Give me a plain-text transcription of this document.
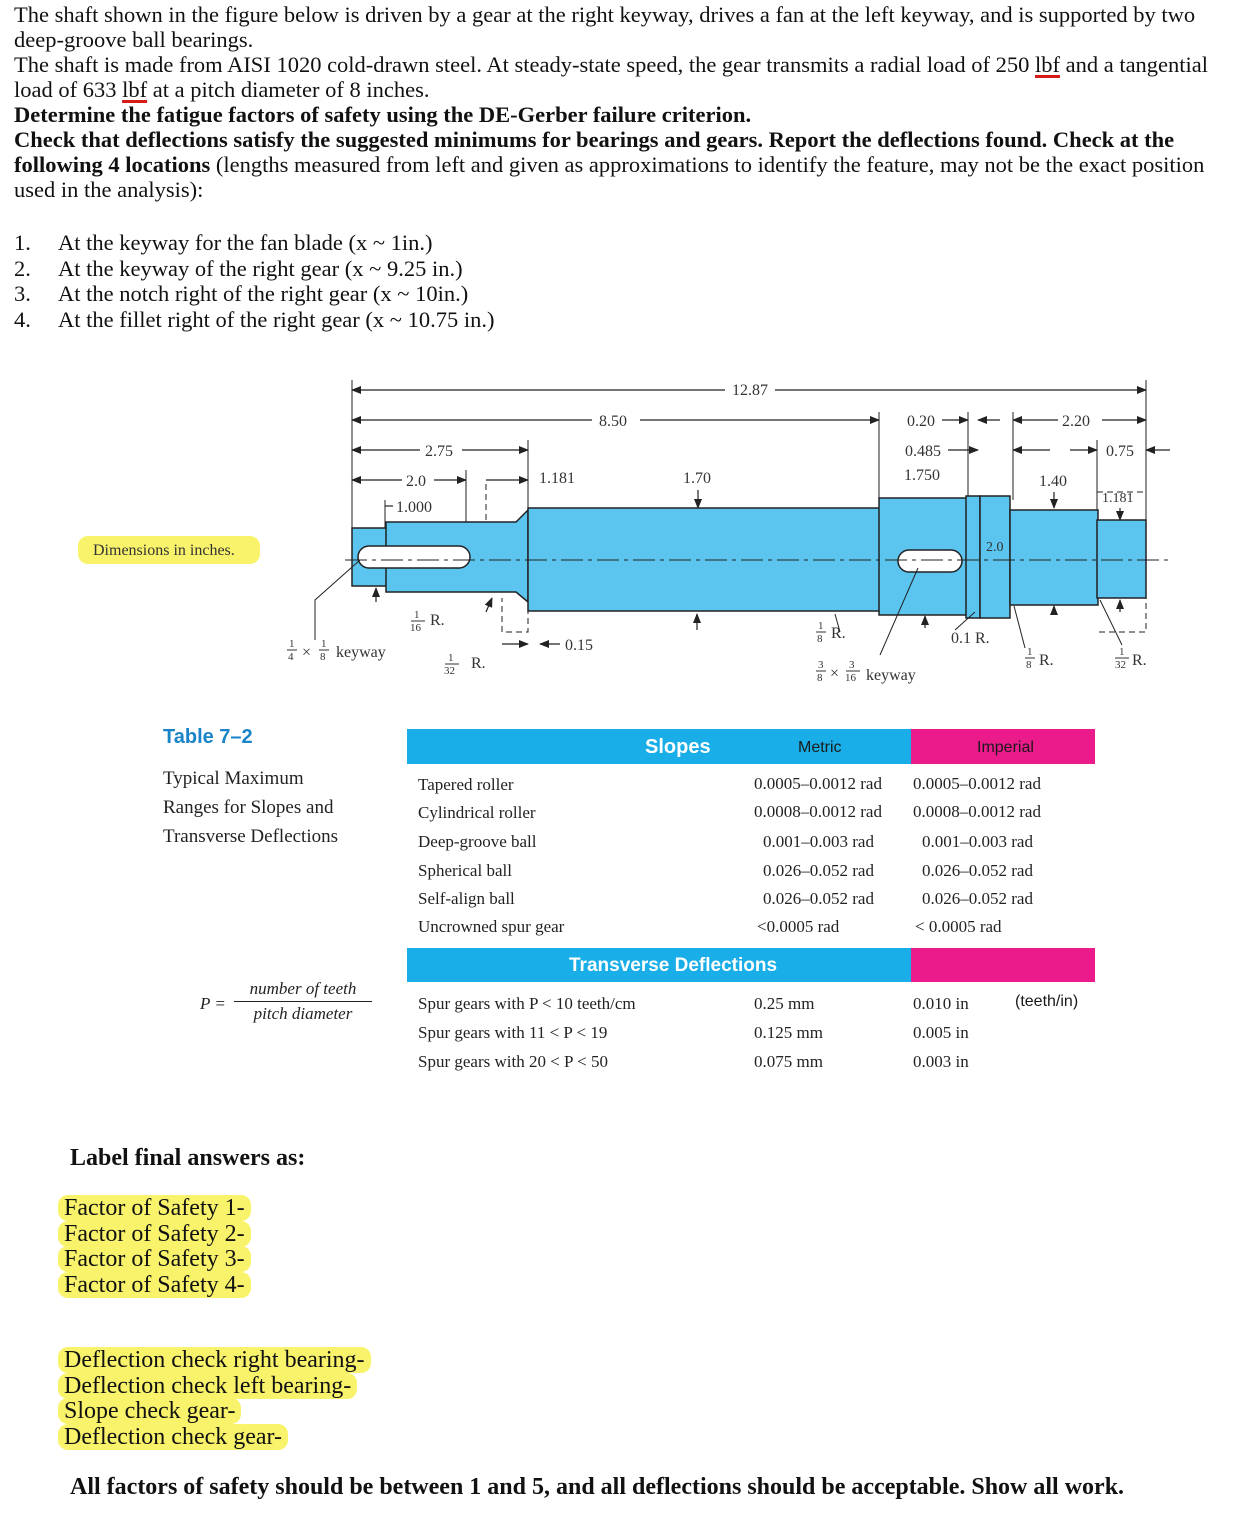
The shaft shown in the figure below is driven by a gear at the right keyway, drives a fan at the left keyway, and is supported by two deep-groove ball bearings.
The shaft is made from AISI 1020 cold-drawn steel. At steady-state speed, the gear transmits a radial load of 250 lbf and a tangential load of 633 lbf at a pitch diameter of 8 inches.
Determine the fatigue factors of safety using the DE-Gerber failure criterion.
Check that deflections satisfy the suggested minimums for bearings and gears. Report the deflections found. Check at the following 4 locations (lengths measured from left and given as approximations to identify the feature, may not be the exact position used in the analysis):
1. At the keyway for the fan blade (x ~ 1in.)
2. At the keyway of the right gear (x ~ 9.25 in.)
3. At the notch right of the right gear (x ~ 10in.)
4. At the fillet right of the right gear (x ~ 10.75 in.)
Dimensions in inches.
12.87
8.50
2.75
2.0
1.000
1.181	1.70
0.20
0.485
1.750
2.20
0.75
1.40
1.181
2.0
0.15
1
16 R.
1
32 R.
1
4 × 1
8 keyway
1
8 R.
3
8 × 3
16 keyway
0.1 R.
1
8 R.	1
32 R.
Table 7–2
Typical Maximum
Ranges for Slopes and
Transverse Deflections
Slopes	Metric	Imperial
Tapered roller	0.0005–0.0012 rad 0.0005–0.0012 rad
Cylindrical roller	0.0008–0.0012 rad 0.0008–0.0012 rad
Deep-groove ball	0.001–0.003 rad	0.001–0.003 rad
Spherical ball	0.026–0.052 rad	0.026–0.052 rad
Self-align ball	0.026–0.052 rad	0.026–0.052 rad
Uncrowned spur gear	<0.0005 rad	< 0.0005 rad
Transverse Deflections
Spur gears with P < 10 teeth/cm	0.25 mm	0.010 in	(teeth/in)
Spur gears with 11 < P < 19	0.125 mm	0.005 in
Spur gears with 20 < P < 50	0.075 mm	0.003 in
P =
number of teeth
pitch diameter
Label final answers as:
Factor of Safety 1-
Factor of Safety 2-
Factor of Safety 3-
Factor of Safety 4-
Deflection check right bearing-
Deflection check left bearing-
Slope check gear-
Deflection check gear-
All factors of safety should be between 1 and 5, and all deflections should be acceptable. Show all work.
